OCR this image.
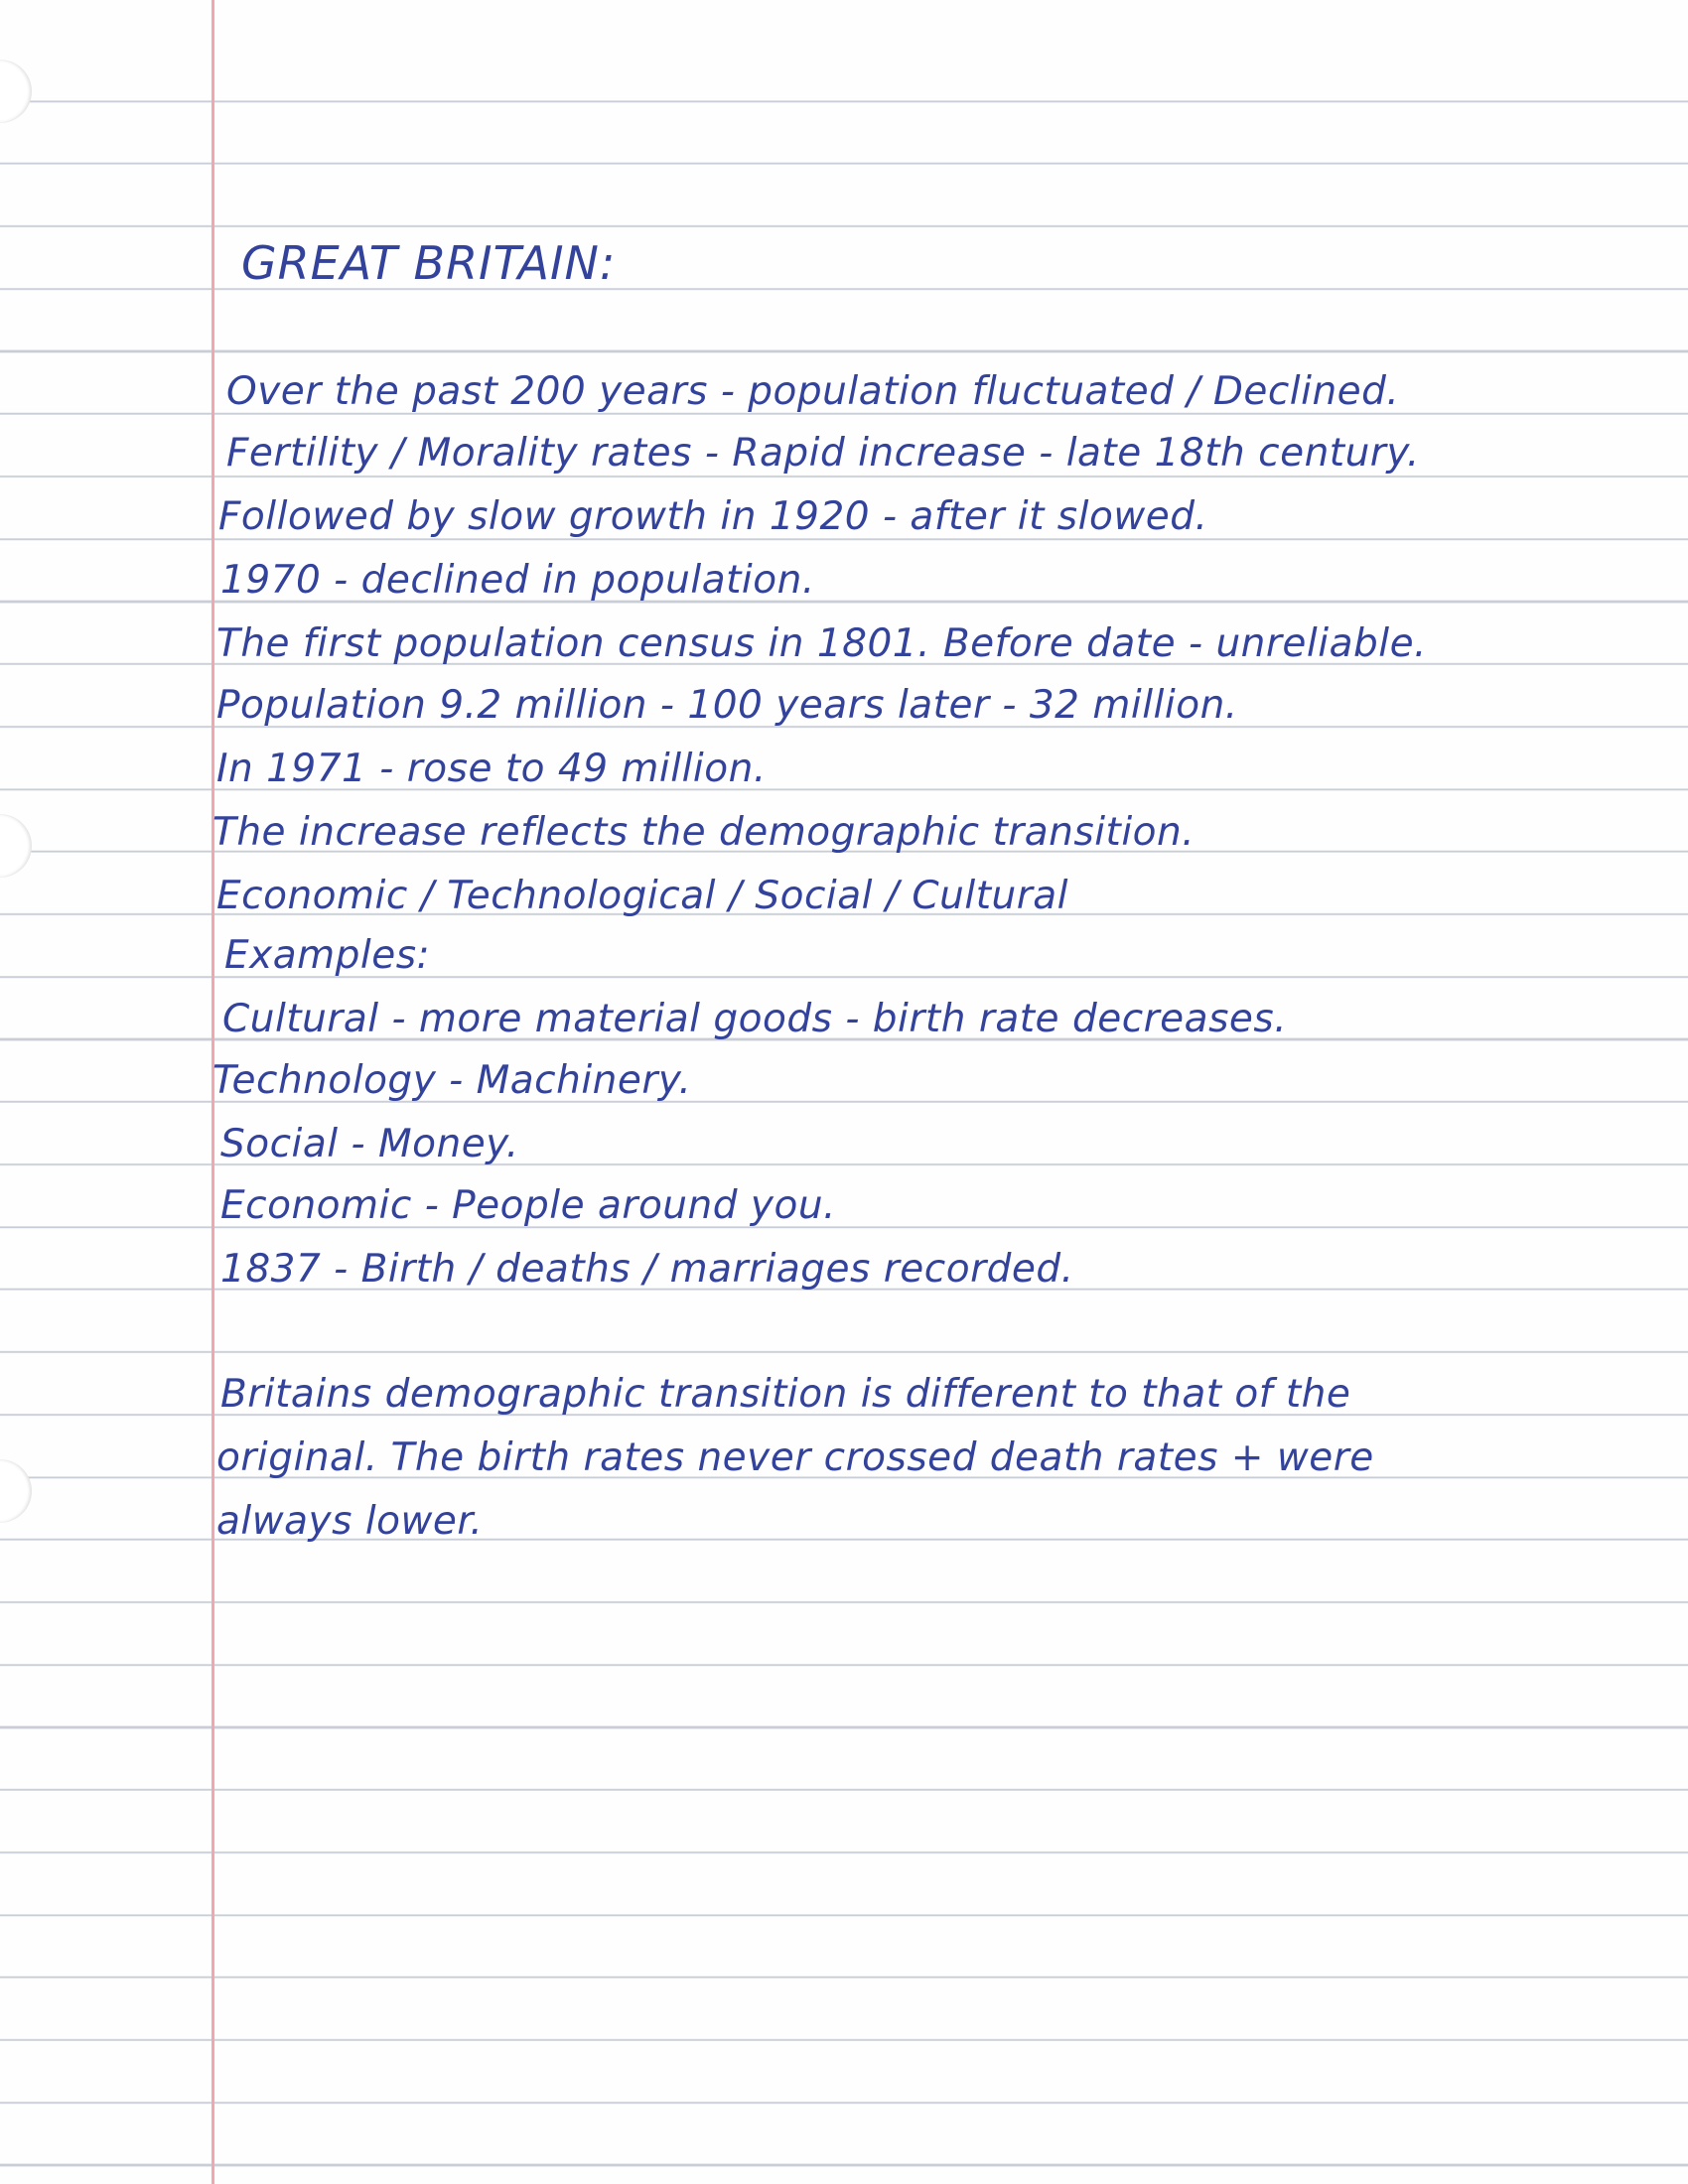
GREAT BRITAIN:
Over the past 200 years - population fluctuated / Declined.
Fertility / Morality rates - Rapid increase - late 18th century.
Followed by slow growth in 1920 - after it slowed.
1970 - declined in population.
The first population census in 1801. Before date - unreliable.
Population 9.2 million - 100 years later - 32 million.
In 1971 - rose to 49 million.
The increase reflects the demographic transition.
Economic / Technological / Social / Cultural
Examples:
Cultural - more material goods - birth rate decreases.
Technology - Machinery.
Social - Money.
Economic - People around you.
1837 - Birth / deaths / marriages recorded.
Britains demographic transition is different to that of the
original. The birth rates never crossed death rates + were
always lower.
